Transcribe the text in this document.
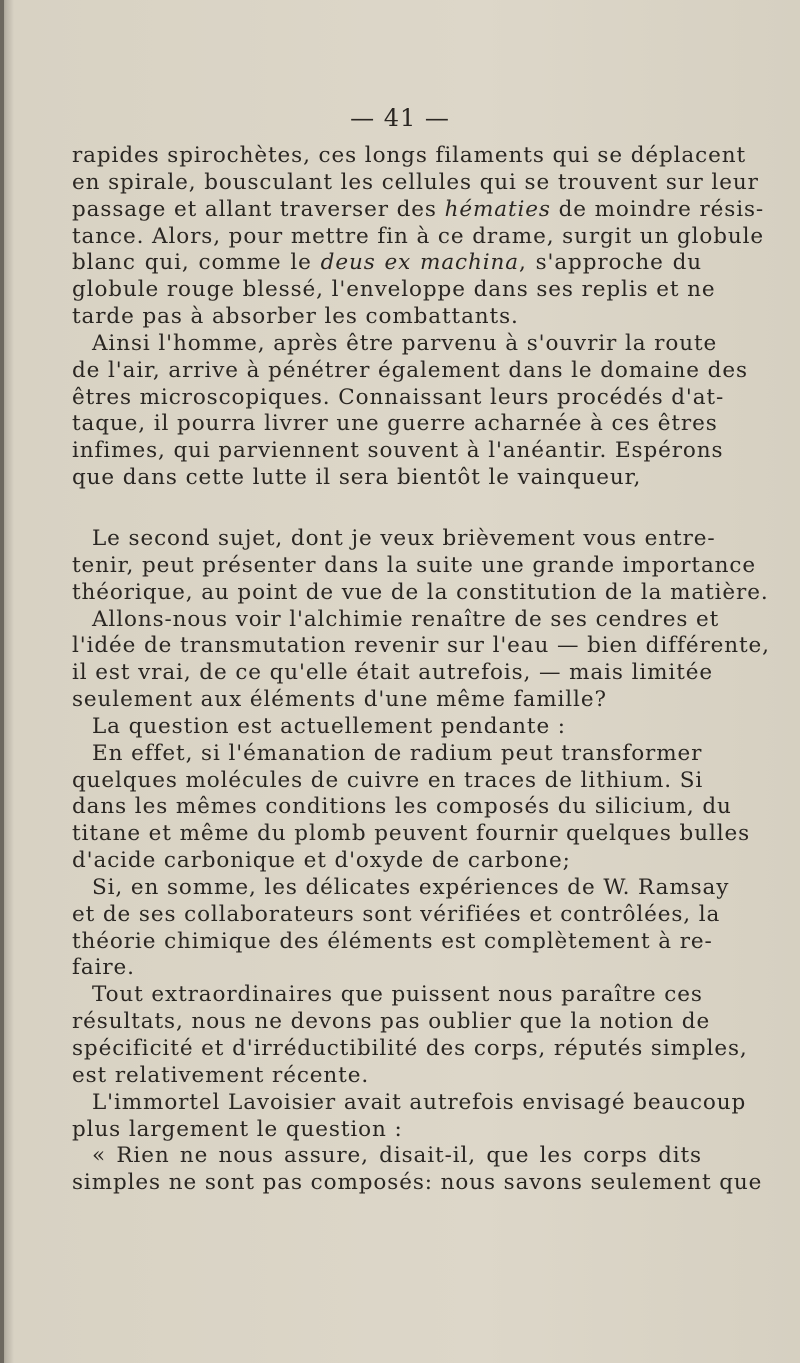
— 41 —
rapides spirochètes, ces longs filaments qui se déplacent
en spirale, bousculant les cellules qui se trouvent sur leur
passage et allant traverser des hématies de moindre résis-
tance. Alors, pour mettre fin à ce drame, surgit un globule
blanc qui, comme le deus ex machina, s'approche du
globule rouge blessé, l'enveloppe dans ses replis et ne
tarde pas à absorber les combattants.
Ainsi l'homme, après être parvenu à s'ouvrir la route
de l'air, arrive à pénétrer également dans le domaine des
êtres microscopiques. Connaissant leurs procédés d'at-
taque, il pourra livrer une guerre acharnée à ces êtres
infimes, qui parviennent souvent à l'anéantir. Espérons
que dans cette lutte il sera bientôt le vainqueur,
Le second sujet, dont je veux brièvement vous entre-
tenir, peut présenter dans la suite une grande importance
théorique, au point de vue de la constitution de la matière.
Allons-nous voir l'alchimie renaître de ses cendres et
l'idée de transmutation revenir sur l'eau — bien différente,
il est vrai, de ce qu'elle était autrefois, — mais limitée
seulement aux éléments d'une même famille?
La question est actuellement pendante :
En effet, si l'émanation de radium peut transformer
quelques molécules de cuivre en traces de lithium. Si
dans les mêmes conditions les composés du silicium, du
titane et même du plomb peuvent fournir quelques bulles
d'acide carbonique et d'oxyde de carbone;
Si, en somme, les délicates expériences de W. Ramsay
et de ses collaborateurs sont vérifiées et contrôlées, la
théorie chimique des éléments est complètement à re-
faire.
Tout extraordinaires que puissent nous paraître ces
résultats, nous ne devons pas oublier que la notion de
spécificité et d'irréductibilité des corps, réputés simples,
est relativement récente.
L'immortel Lavoisier avait autrefois envisagé beaucoup
plus largement le question :
« Rien ne nous assure, disait-il, que les corps dits
simples ne sont pas composés: nous savons seulement que
